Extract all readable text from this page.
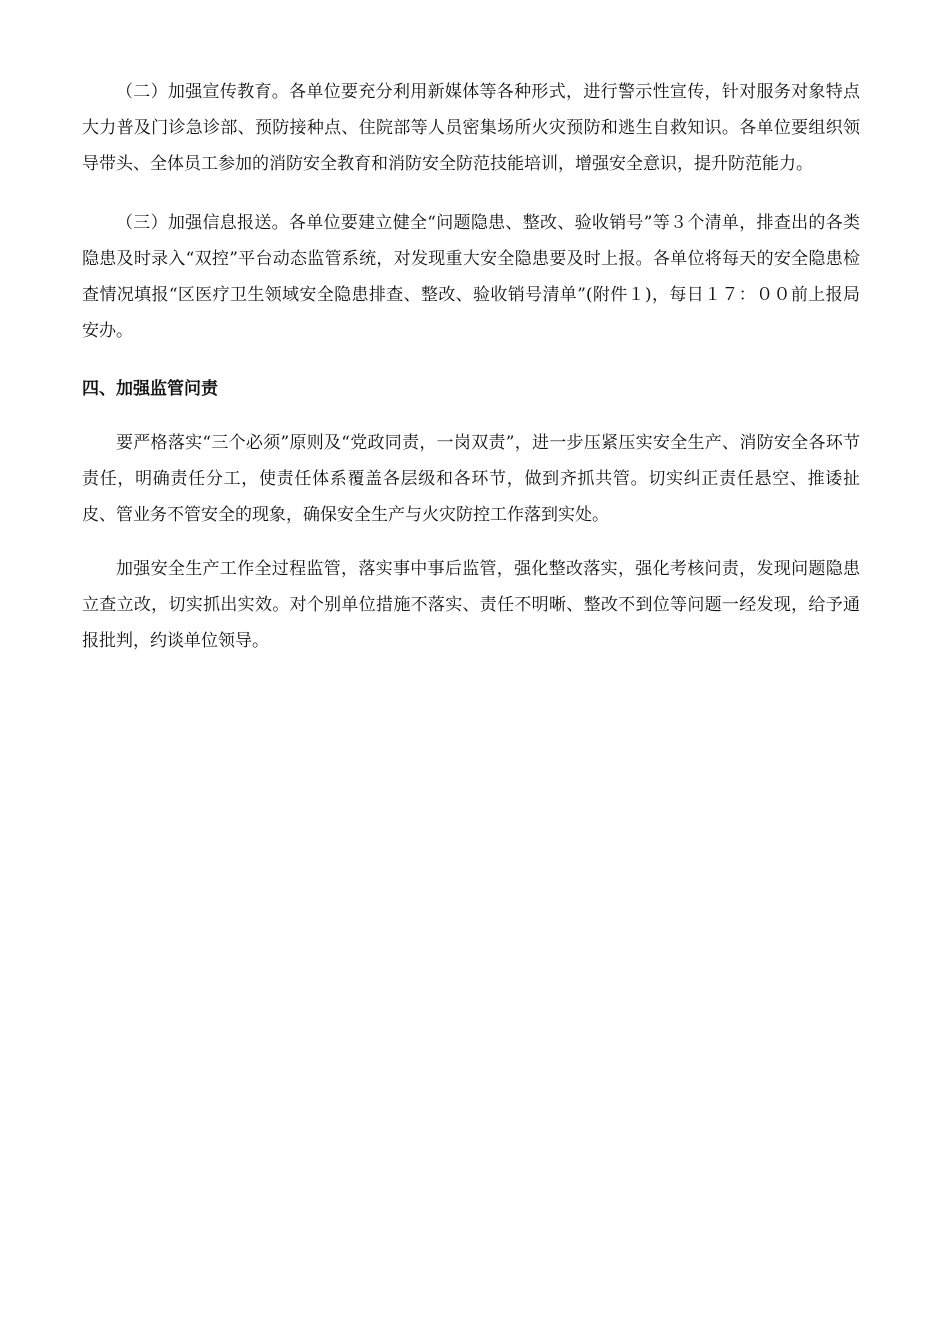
（二）加强宣传教育。各单位要充分利用新媒体等各种形式，进行警示性宣传，针对服务对象特点大力普及门诊急诊部、预防接种点、住院部等人员密集场所火灾预防和逃生自救知识。各单位要组织领导带头、全体员工参加的消防安全教育和消防安全防范技能培训，增强安全意识，提升防范能力。

（三）加强信息报送。各单位要建立健全“问题隐患、整改、验收销号”等３个清单，排查出的各类隐患及时录入“双控”平台动态监管系统，对发现重大安全隐患要及时上报。各单位将每天的安全隐患检查情况填报“区医疗卫生领域安全隐患排查、整改、验收销号清单”(附件１)，每日１７：００前上报局安办。

四、加强监管问责

要严格落实“三个必须”原则及“党政同责，一岗双责”，进一步压紧压实安全生产、消防安全各环节责任，明确责任分工，使责任体系覆盖各层级和各环节，做到齐抓共管。切实纠正责任悬空、推诿扯皮、管业务不管安全的现象，确保安全生产与火灾防控工作落到实处。

加强安全生产工作全过程监管，落实事中事后监管，强化整改落实，强化考核问责，发现问题隐患立查立改，切实抓出实效。对个别单位措施不落实、责任不明晰、整改不到位等问题一经发现，给予通报批判，约谈单位领导。
